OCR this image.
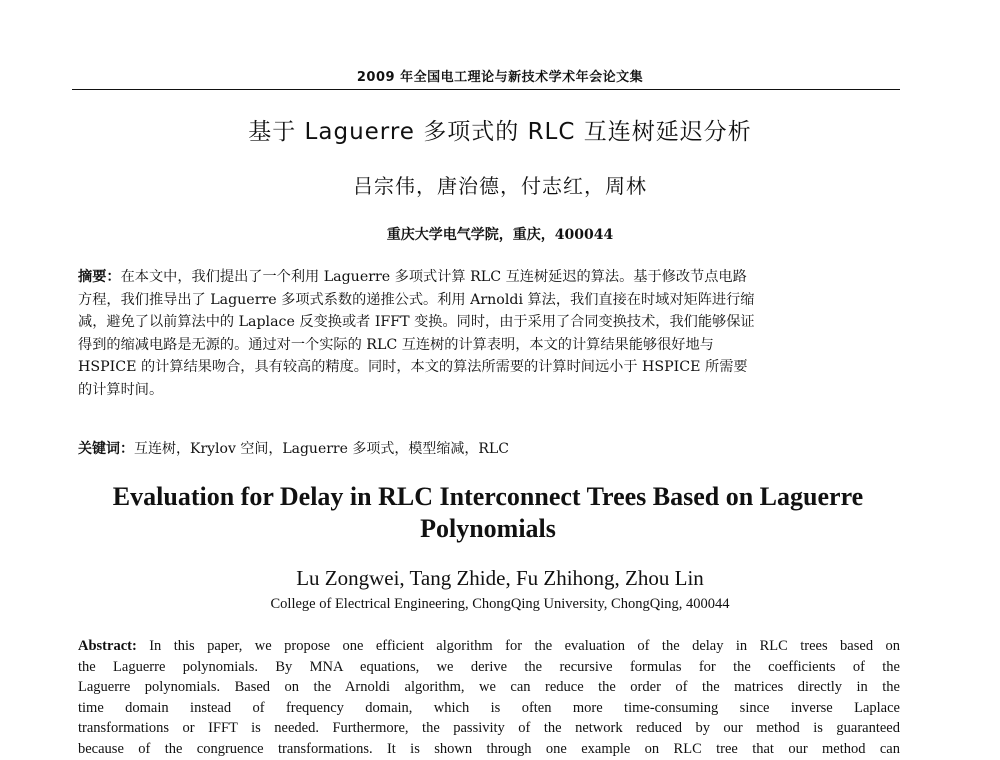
2009 年全国电工理论与新技术学术年会论文集
基于 Laguerre 多项式的 RLC 互连树延迟分析
吕宗伟，唐治德，付志红，周林
重庆大学电气学院，重庆，400044
摘要：在本文中，我们提出了一个利用 Laguerre 多项式计算 RLC 互连树延迟的算法。基于修改节点电路
方程，我们推导出了 Laguerre 多项式系数的递推公式。利用 Arnoldi 算法，我们直接在时域对矩阵进行缩
减，避免了以前算法中的 Laplace 反变换或者 IFFT 变换。同时，由于采用了合同变换技术，我们能够保证
得到的缩减电路是无源的。通过对一个实际的 RLC 互连树的计算表明，本文的计算结果能够很好地与
HSPICE 的计算结果吻合，具有较高的精度。同时，本文的算法所需要的计算时间远小于 HSPICE 所需要
的计算时间。
关键词：互连树，Krylov 空间，Laguerre 多项式，模型缩减，RLC
Evaluation for Delay in RLC Interconnect Trees Based on Laguerre
Polynomials
Lu Zongwei, Tang Zhide, Fu Zhihong, Zhou Lin
College of Electrical Engineering, ChongQing University, ChongQing, 400044
Abstract: In this paper, we propose one efficient algorithm for the evaluation of the delay in RLC trees based on
the Laguerre polynomials. By MNA equations, we derive the recursive formulas for the coefficients of the
Laguerre polynomials. Based on the Arnoldi algorithm, we can reduce the order of the matrices directly in the
time domain instead of frequency domain, which is often more time-consuming since inverse Laplace
transformations or IFFT is needed. Furthermore, the passivity of the network reduced by our method is guaranteed
because of the congruence transformations. It is shown through one example on RLC tree that our method can
